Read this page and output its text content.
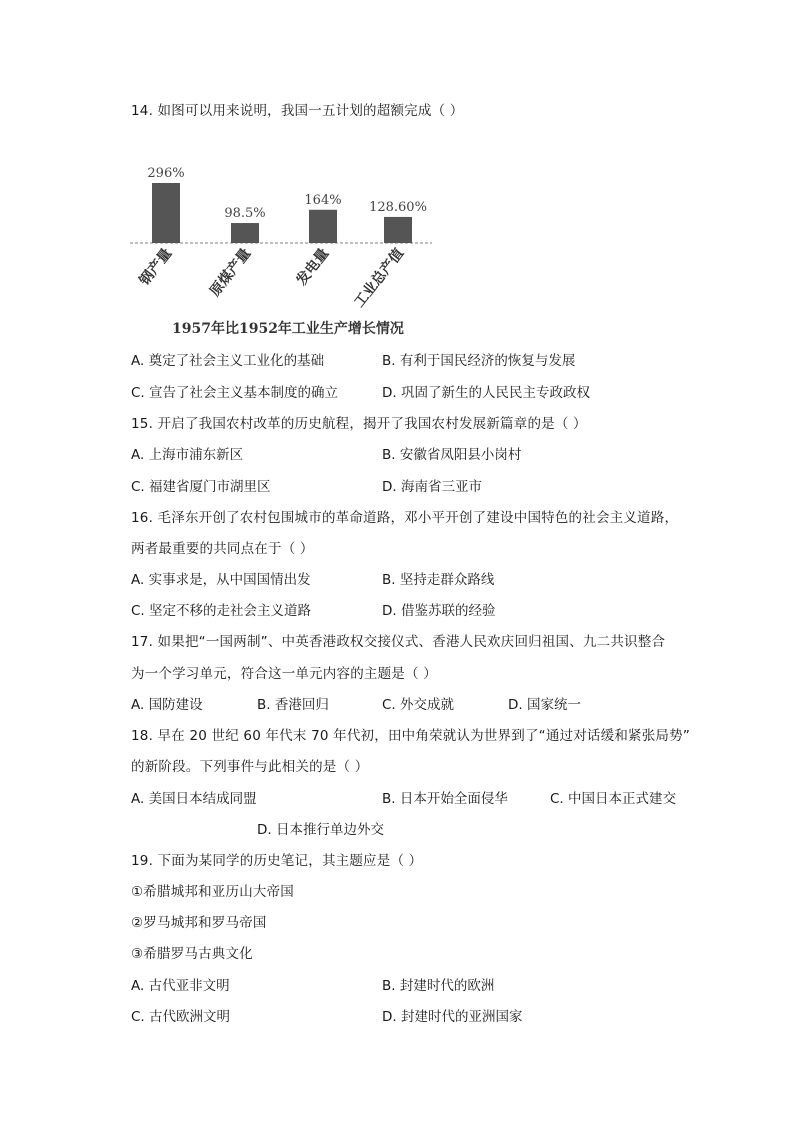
14. 如图可以用来说明，我国一五计划的超额完成（ ）
296%
98.5%
164% 128.60%
钢产量 原煤产量	发电量 工业总产值
1957年比1952年工业生产增长情况
A. 奠定了社会主义工业化的基础	B. 有利于国民经济的恢复与发展
C. 宣告了社会主义基本制度的确立	D. 巩固了新生的人民民主专政政权
15. 开启了我国农村改革的历史航程，揭开了我国农村发展新篇章的是（ ）
A. 上海市浦东新区	B. 安徽省凤阳县小岗村
C. 福建省厦门市湖里区	D. 海南省三亚市
16. 毛泽东开创了农村包围城市的革命道路，邓小平开创了建设中国特色的社会主义道路，
两者最重要的共同点在于（ ）
A. 实事求是，从中国国情出发	B. 坚持走群众路线
C. 坚定不移的走社会主义道路	D. 借鉴苏联的经验
17. 如果把“一国两制”、中英香港政权交接仪式、香港人民欢庆回归祖国、九二共识整合
为一个学习单元，符合这一单元内容的主题是（ ）
A. 国防建设	B. 香港回归	C. 外交成就	D. 国家统一
18. 早在 20 世纪 60 年代末 70 年代初，田中角荣就认为世界到了“通过对话缓和紧张局势”
的新阶段。下列事件与此相关的是（ ）
A. 美国日本结成同盟	B. 日本开始全面侵华	C. 中国日本正式建交
D. 日本推行单边外交
19. 下面为某同学的历史笔记，其主题应是（ ）
①希腊城邦和亚历山大帝国
②罗马城邦和罗马帝国
③希腊罗马古典文化
A. 古代亚非文明	B. 封建时代的欧洲
C. 古代欧洲文明	D. 封建时代的亚洲国家
